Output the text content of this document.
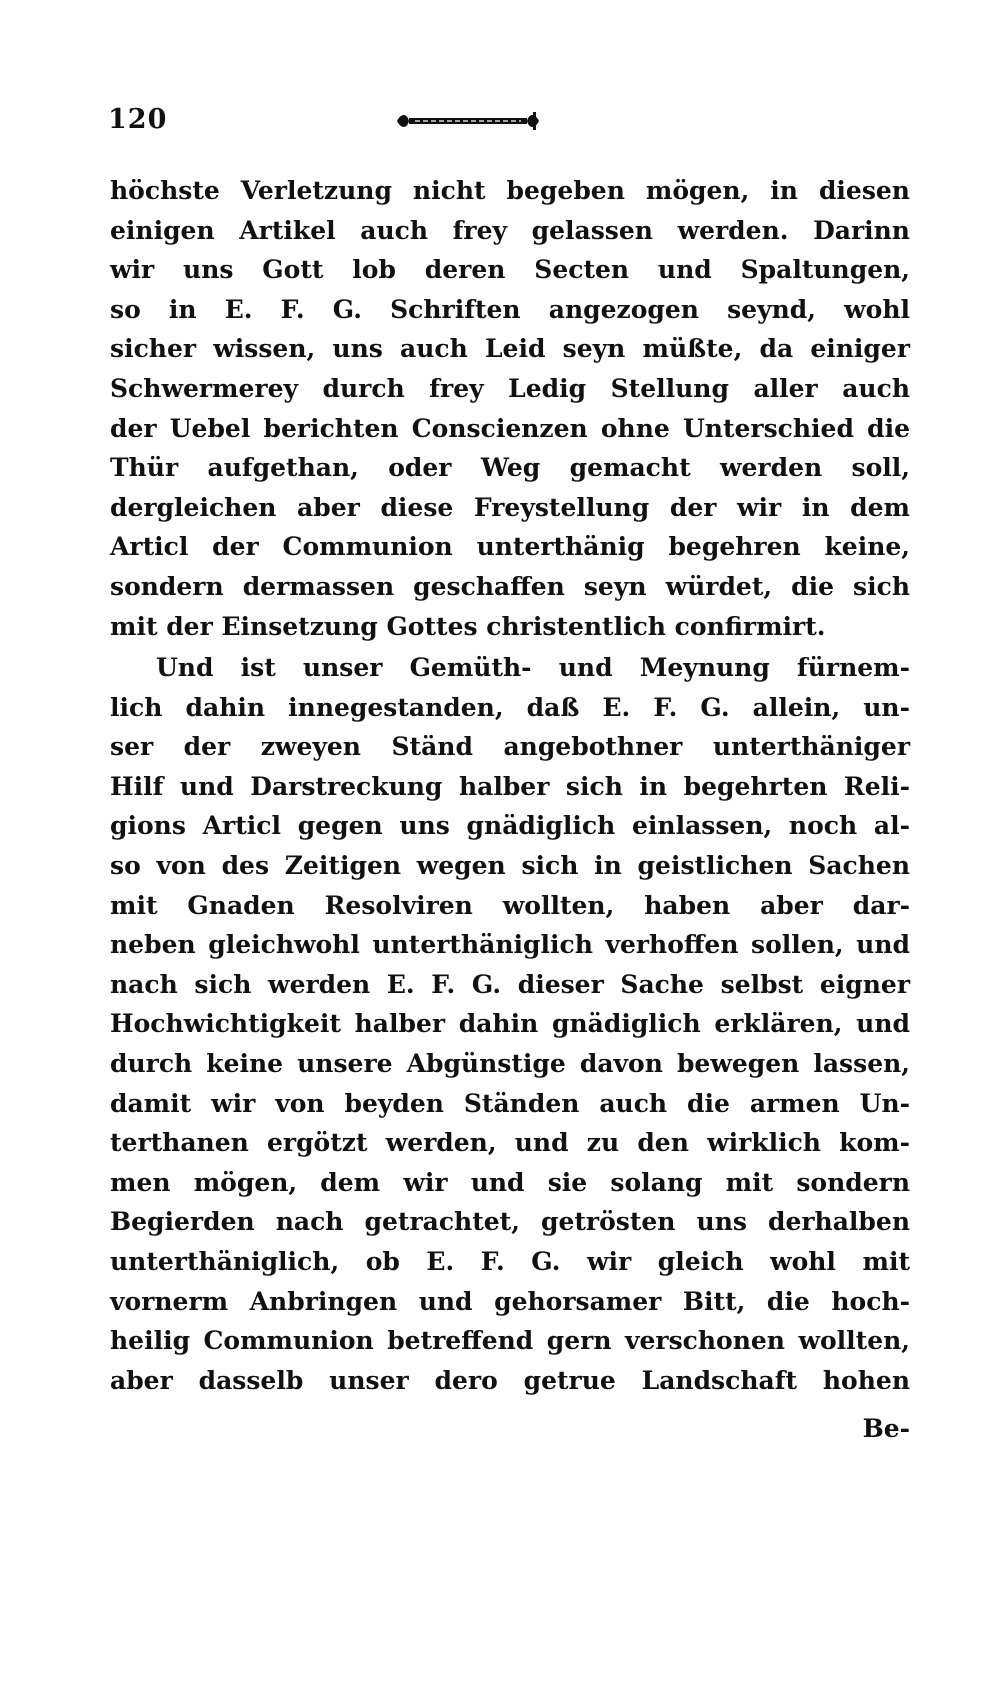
120
höchste Verletzung nicht begeben mögen, in diesen
einigen Artikel auch frey gelassen werden. Darinn
wir uns Gott lob deren Secten und Spaltungen,
so in E. F. G. Schriften angezogen seynd, wohl
sicher wissen, uns auch Leid seyn müßte, da einiger
Schwermerey durch frey Ledig Stellung aller auch
der Uebel berichten Conscienzen ohne Unterschied die
Thür aufgethan, oder Weg gemacht werden soll,
dergleichen aber diese Freystellung der wir in dem
Articl der Communion unterthänig begehren keine,
sondern dermassen geschaffen seyn würdet, die sich
mit der Einsetzung Gottes christentlich confirmirt.
Und ist unser Gemüth- und Meynung fürnem-
lich dahin innegestanden, daß E. F. G. allein, un-
ser der zweyen Ständ angebothner unterthäniger
Hilf und Darstreckung halber sich in begehrten Reli-
gions Articl gegen uns gnädiglich einlassen, noch al-
so von des Zeitigen wegen sich in geistlichen Sachen
mit Gnaden Resolviren wollten, haben aber dar-
neben gleichwohl unterthäniglich verhoffen sollen, und
nach sich werden E. F. G. dieser Sache selbst eigner
Hochwichtigkeit halber dahin gnädiglich erklären, und
durch keine unsere Abgünstige davon bewegen lassen,
damit wir von beyden Ständen auch die armen Un-
terthanen ergötzt werden, und zu den wirklich kom-
men mögen, dem wir und sie solang mit sondern
Begierden nach getrachtet, getrösten uns derhalben
unterthäniglich, ob E. F. G. wir gleich wohl mit
vornerm Anbringen und gehorsamer Bitt, die hoch-
heilig Communion betreffend gern verschonen wollten,
aber dasselb unser dero getrue Landschaft hohen
Be-
